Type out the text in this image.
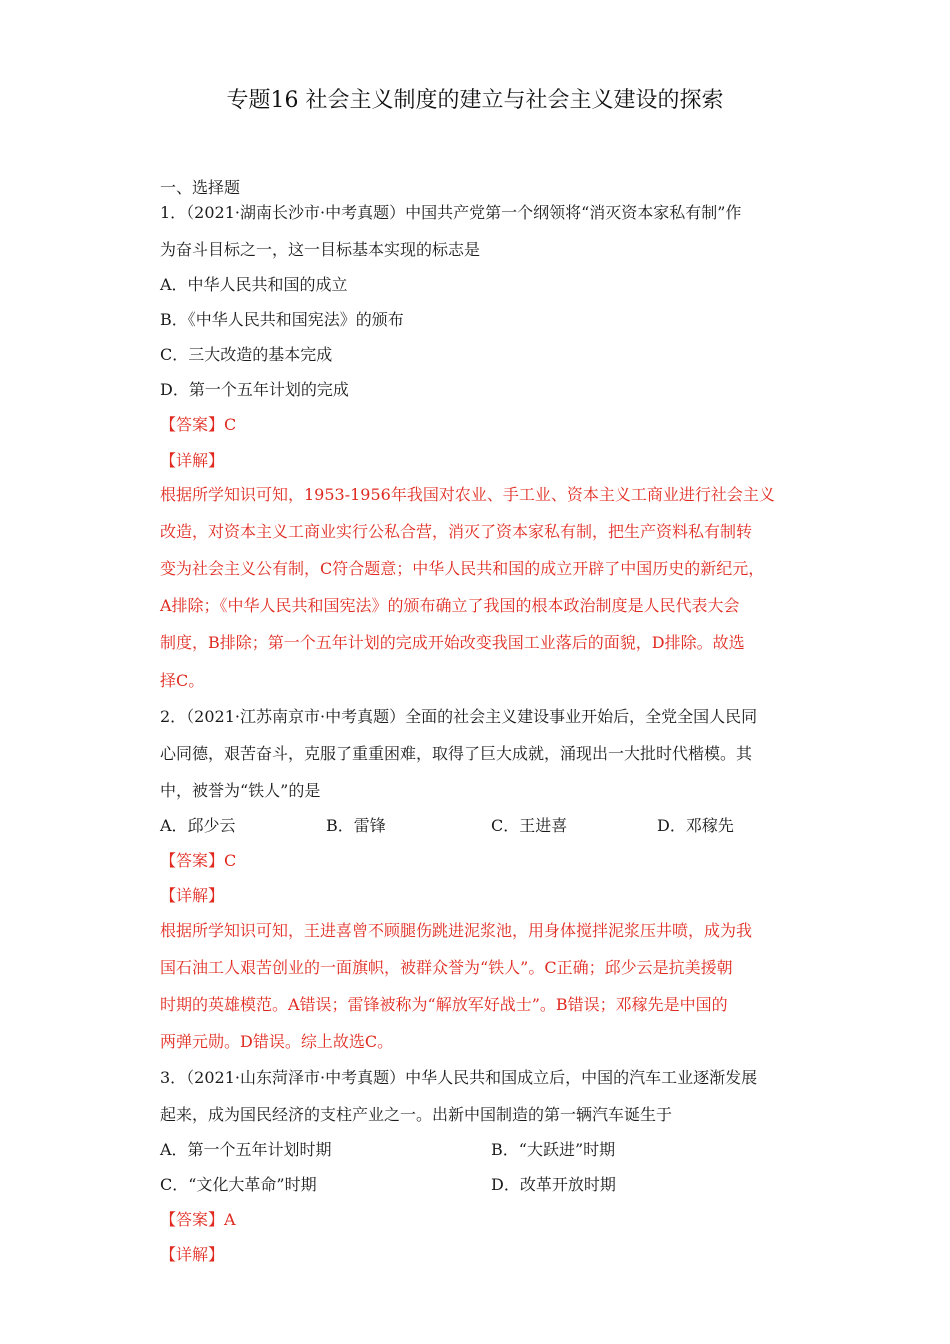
专题16 社会主义制度的建立与社会主义建设的探索
一、选择题
1．（2021·湖南长沙市·中考真题）中国共产党第一个纲领将“消灭资本家私有制”作
为奋斗目标之一，这一目标基本实现的标志是
A．中华人民共和国的成立
B．《中华人民共和国宪法》的颁布
C．三大改造的基本完成
D．第一个五年计划的完成
【答案】C
【详解】
根据所学知识可知，1953-1956年我国对农业、手工业、资本主义工商业进行社会主义
改造，对资本主义工商业实行公私合营，消灭了资本家私有制，把生产资料私有制转
变为社会主义公有制，C符合题意；中华人民共和国的成立开辟了中国历史的新纪元，
A排除；《中华人民共和国宪法》的颁布确立了我国的根本政治制度是人民代表大会
制度，B排除；第一个五年计划的完成开始改变我国工业落后的面貌，D排除。故选
择C。
2．（2021·江苏南京市·中考真题）全面的社会主义建设事业开始后，全党全国人民同
心同德，艰苦奋斗，克服了重重困难，取得了巨大成就，涌现出一大批时代楷模。其
中，被誉为“铁人”的是
A．邱少云	B．雷锋	C．王进喜	D．邓稼先
【答案】C
【详解】
根据所学知识可知，王进喜曾不顾腿伤跳进泥浆池，用身体搅拌泥浆压井喷，成为我
国石油工人艰苦创业的一面旗帜，被群众誉为“铁人”。C正确；邱少云是抗美援朝
时期的英雄模范。A错误；雷锋被称为“解放军好战士”。B错误；邓稼先是中国的
两弹元勋。D错误。综上故选C。
3．（2021·山东菏泽市·中考真题）中华人民共和国成立后，中国的汽车工业逐渐发展
起来，成为国民经济的支柱产业之一。出新中国制造的第一辆汽车诞生于
A．第一个五年计划时期	B．“大跃进”时期
C．“文化大革命”时期	D．改革开放时期
【答案】A
【详解】
